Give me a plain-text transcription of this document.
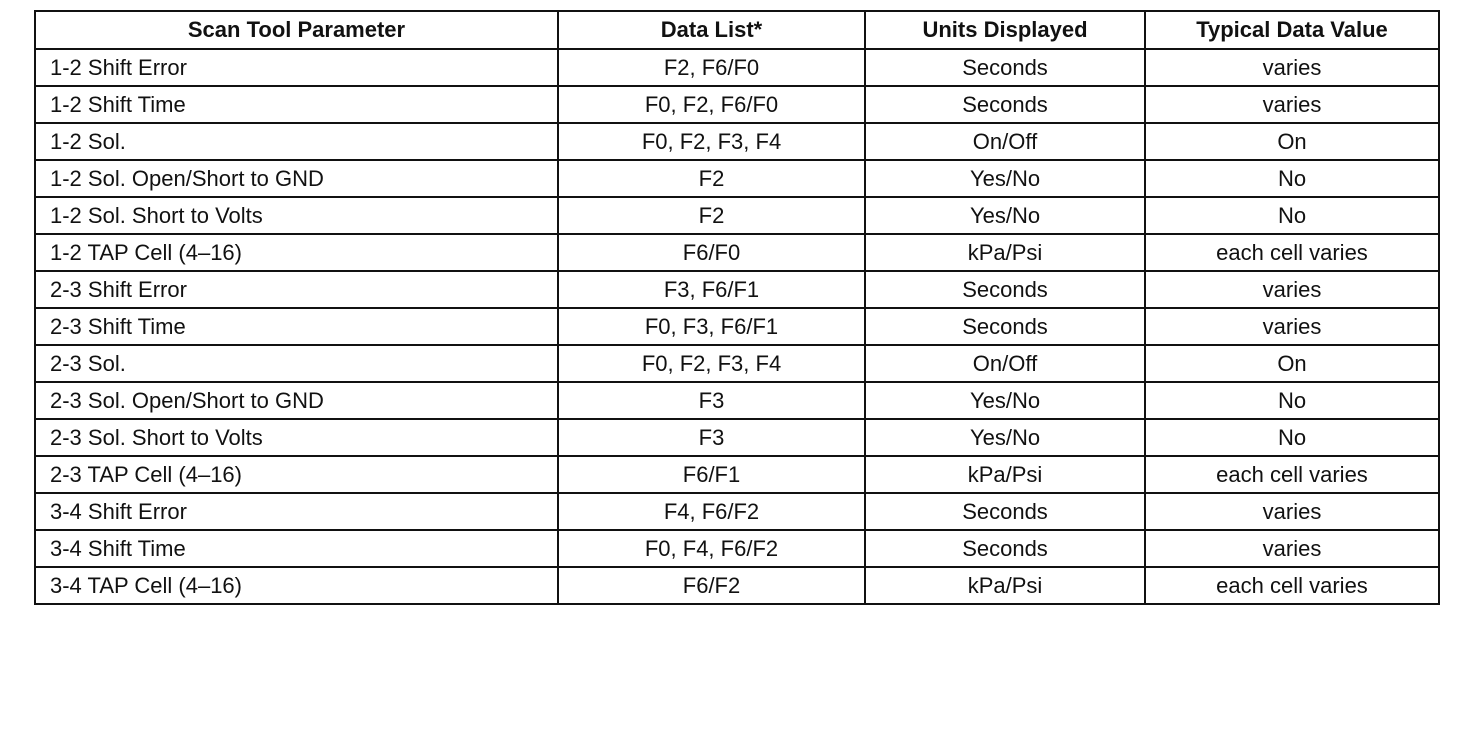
Scan Tool Parameter	Data List*	Units Displayed	Typical Data Value
1-2 Shift Error	F2, F6/F0	Seconds	varies
1-2 Shift Time	F0, F2, F6/F0	Seconds	varies
1-2 Sol.	F0, F2, F3, F4	On/Off	On
1-2 Sol. Open/Short to GND	F2	Yes/No	No
1-2 Sol. Short to Volts	F2	Yes/No	No
1-2 TAP Cell (4–16)	F6/F0	kPa/Psi	each cell varies
2-3 Shift Error	F3, F6/F1	Seconds	varies
2-3 Shift Time	F0, F3, F6/F1	Seconds	varies
2-3 Sol.	F0, F2, F3, F4	On/Off	On
2-3 Sol. Open/Short to GND	F3	Yes/No	No
2-3 Sol. Short to Volts	F3	Yes/No	No
2-3 TAP Cell (4–16)	F6/F1	kPa/Psi	each cell varies
3-4 Shift Error	F4, F6/F2	Seconds	varies
3-4 Shift Time	F0, F4, F6/F2	Seconds	varies
3-4 TAP Cell (4–16)	F6/F2	kPa/Psi	each cell varies
